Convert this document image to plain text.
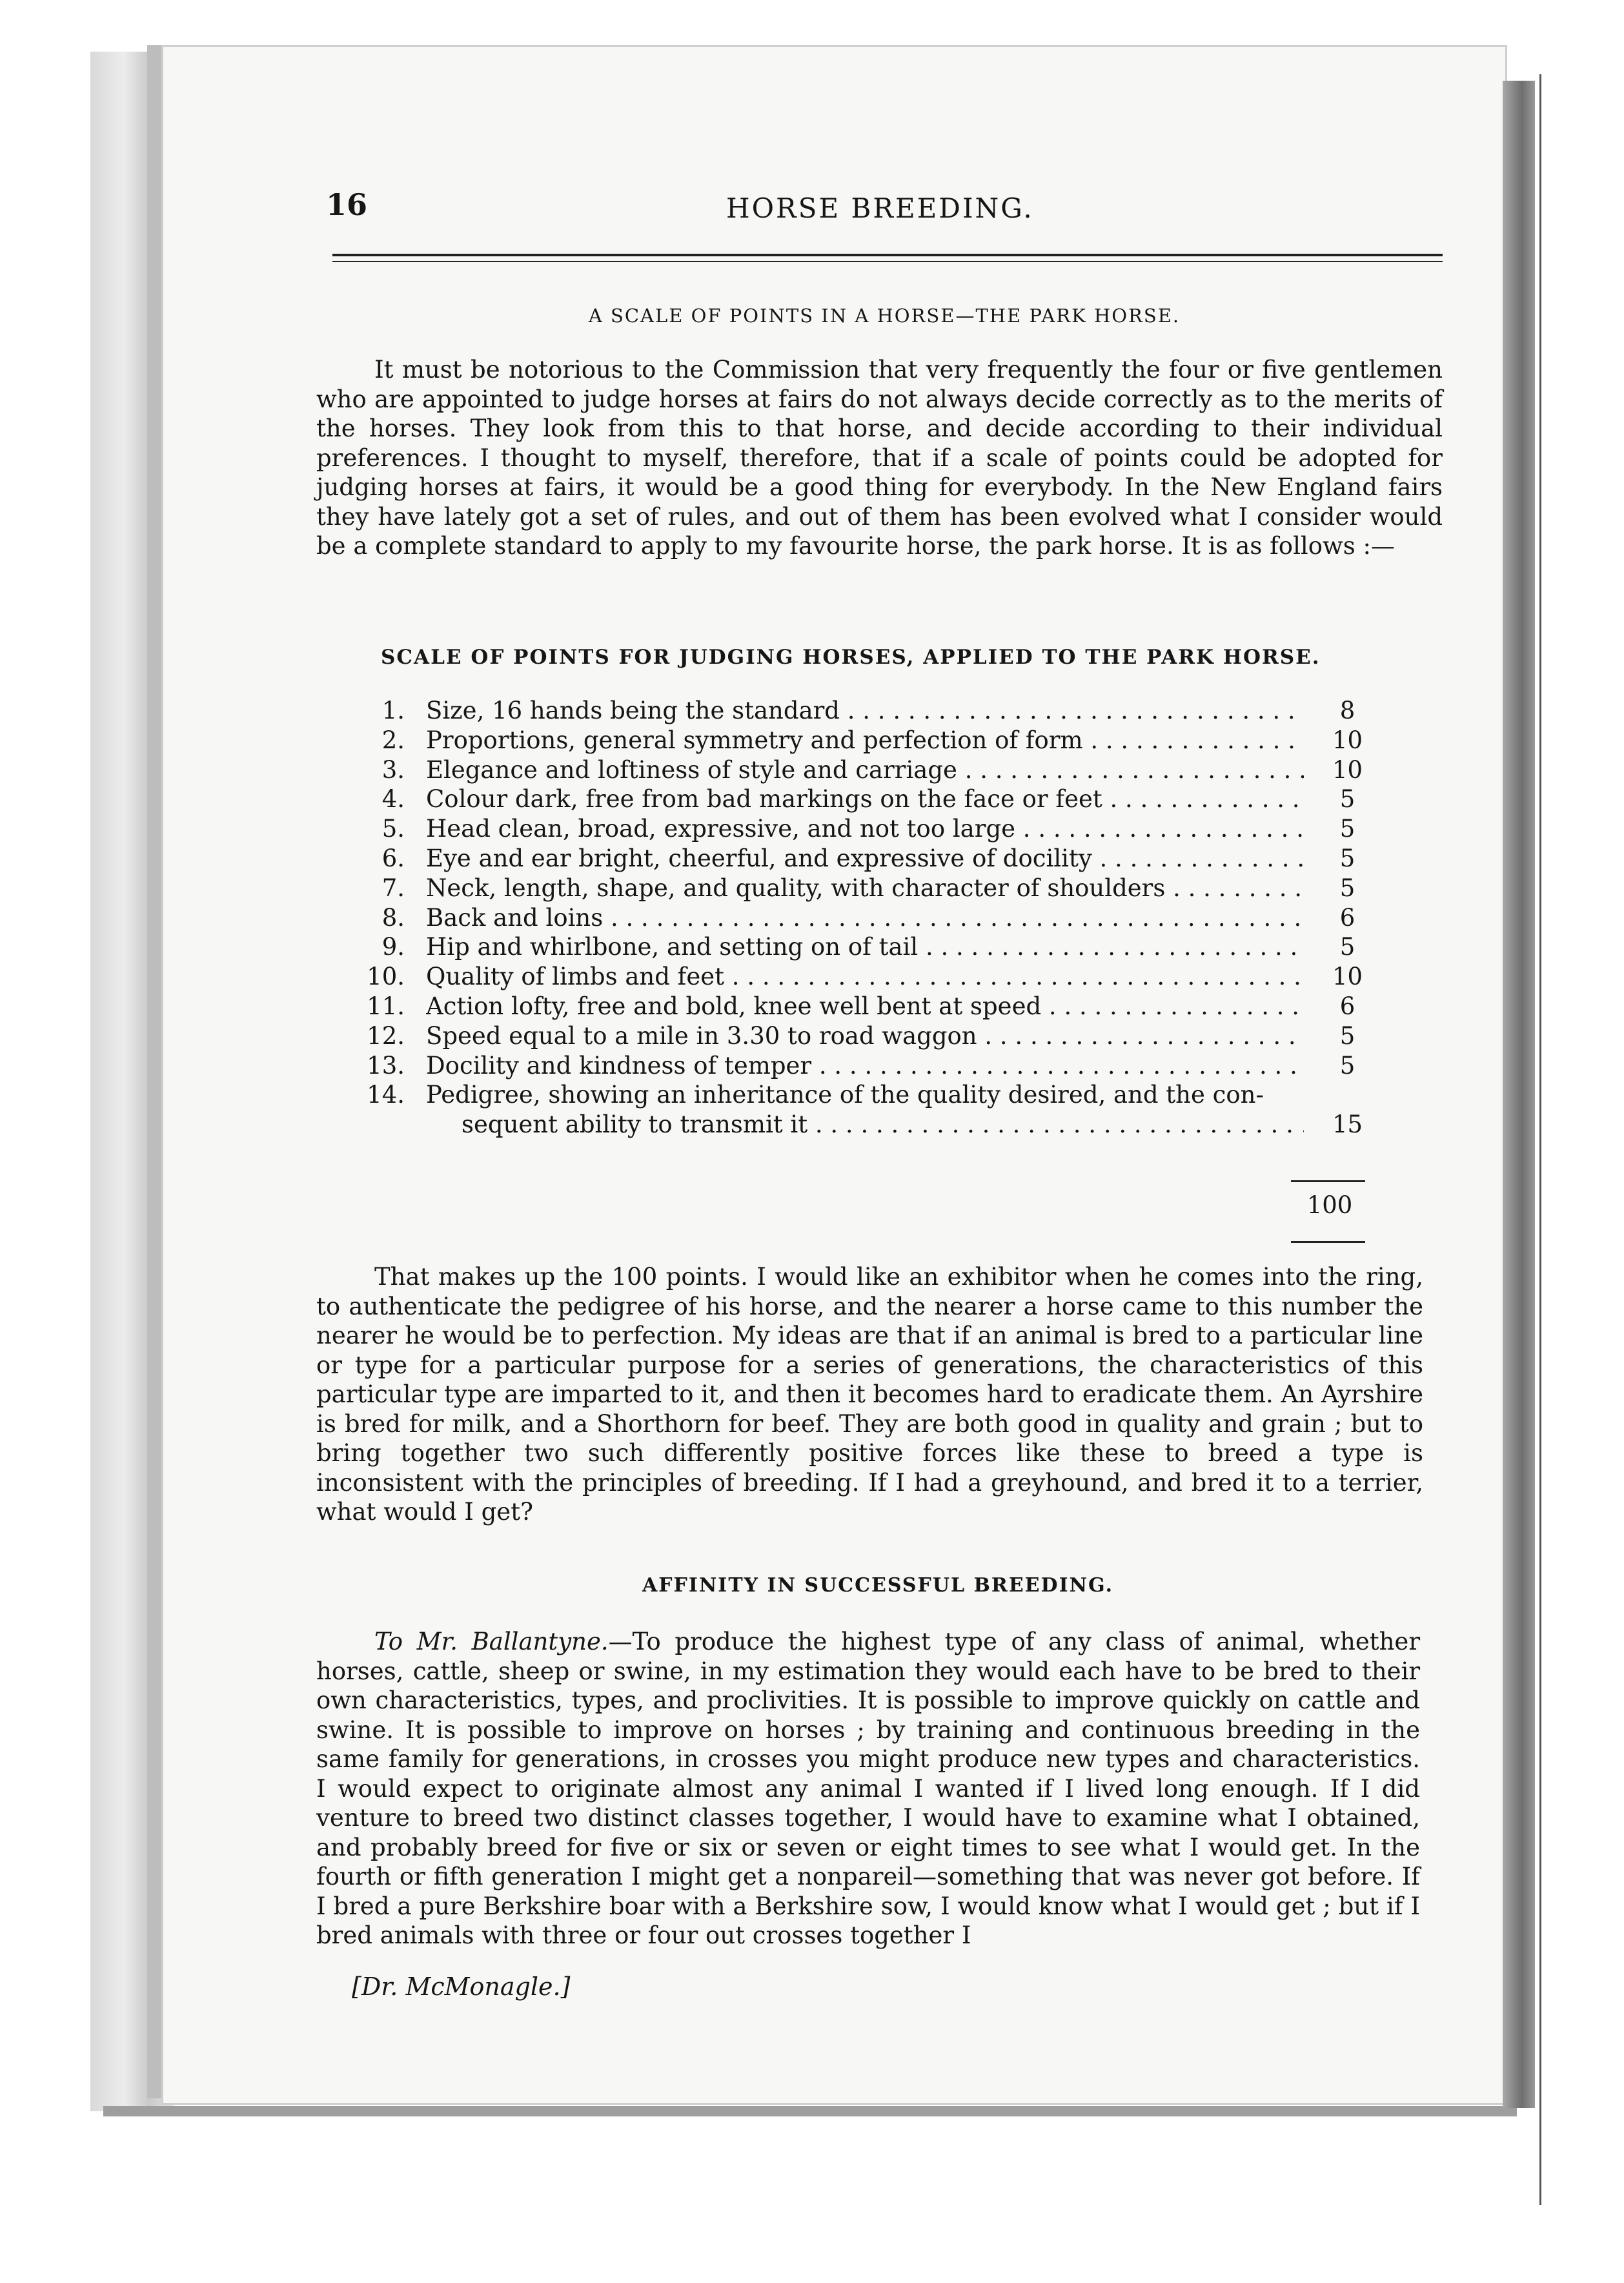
16	HORSE BREEDING.
A SCALE OF POINTS IN A HORSE—THE PARK HORSE.

It must be notorious to the Commission that very frequently the four or five gentlemen who are appointed to judge horses at fairs do not always decide correctly as to the merits of the horses. They look from this to that horse, and decide according to their individual preferences. I thought to myself, therefore, that if a scale of points could be adopted for judging horses at fairs, it would be a good thing for everybody. In the New England fairs they have lately got a set of rules, and out of them has been evolved what I consider would be a complete standard to apply to my favourite horse, the park horse. It is as follows :—

SCALE OF POINTS FOR JUDGING HORSES, APPLIED TO THE PARK HORSE.
1. Size, 16 hands being the standard . . .	8
2. Proportions, general symmetry and perfection of form . . .	10
3. Elegance and loftiness of style and carriage . . .	10
4. Colour dark, free from bad markings on the face or feet . . .	5
5. Head clean, broad, expressive, and not too large . . .	5
6. Eye and ear bright, cheerful, and expressive of docility . . .	5
7. Neck, length, shape, and quality, with character of shoulders . . .	5
8. Back and loins . . .	6
9. Hip and whirlbone, and setting on of tail . . .	5
10. Quality of limbs and feet . . .	10
11. Action lofty, free and bold, knee well bent at speed . . .	6
12. Speed equal to a mile in 3.30 to road waggon . . .	5
13. Docility and kindness of temper . . .	5
14. Pedigree, showing an inheritance of the quality desired, and the con-
sequent ability to transmit it . . .	15
100

That makes up the 100 points. I would like an exhibitor when he comes into the ring, to authenticate the pedigree of his horse, and the nearer a horse came to this number the nearer he would be to perfection. My ideas are that if an animal is bred to a particular line or type for a particular purpose for a series of generations, the characteristics of this particular type are imparted to it, and then it becomes hard to eradicate them. An Ayrshire is bred for milk, and a Shorthorn for beef. They are both good in quality and grain ; but to bring together two such differently positive forces like these to breed a type is inconsistent with the principles of breeding. If I had a greyhound, and bred it to a terrier, what would I get?

AFFINITY IN SUCCESSFUL BREEDING.

To Mr. Ballantyne.—To produce the highest type of any class of animal, whether horses, cattle, sheep or swine, in my estimation they would each have to be bred to their own characteristics, types, and proclivities. It is possible to improve quickly on cattle and swine. It is possible to improve on horses ; by training and continuous breeding in the same family for generations, in crosses you might produce new types and characteristics. I would expect to originate almost any animal I wanted if I lived long enough. If I did venture to breed two distinct classes together, I would have to examine what I obtained, and probably breed for five or six or seven or eight times to see what I would get. In the fourth or fifth generation I might get a nonpareil—something that was never got before. If I bred a pure Berkshire boar with a Berkshire sow, I would know what I would get ; but if I bred animals with three or four out crosses together I

[Dr. McMonagle.]
